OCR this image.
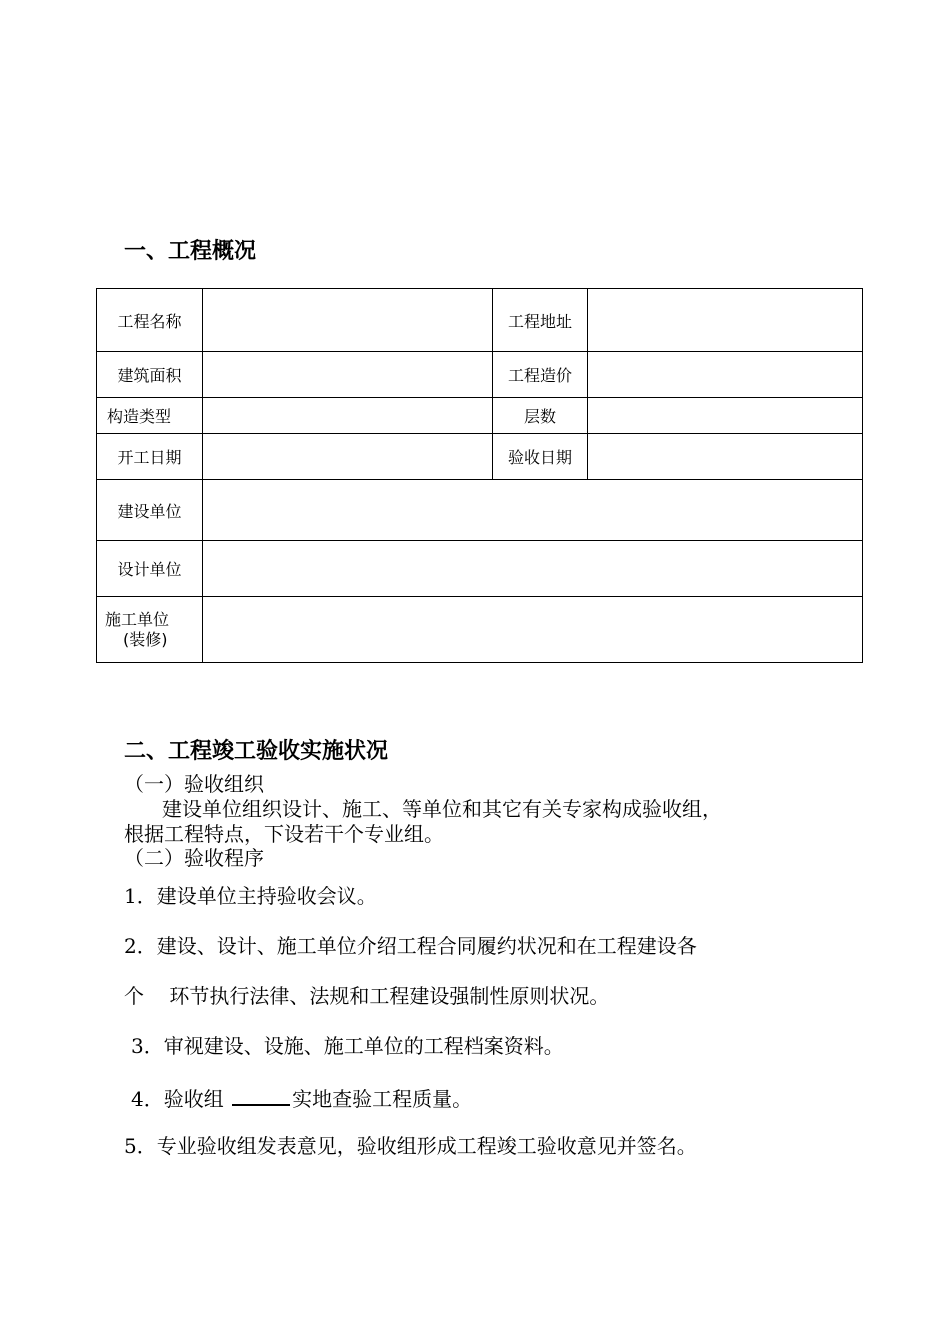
一、工程概况
工程名称		工程地址	
建筑面积		工程造价	
构造类型		层数	
开工日期		验收日期	
建设单位			
设计单位			

施工单位
(装修)			

二、工程竣工验收实施状况
（一）验收组织
建设单位组织设计、施工、等单位和其它有关专家构成验收组，
根据工程特点，下设若干个专业组。
（二）验收程序
1．建设单位主持验收会议。
2．建设、设计、施工单位介绍工程合同履约状况和在工程建设各
个    环节执行法律、法规和工程建设强制性原则状况。
3．审视建设、设施、施工单位的工程档案资料。
4．验收组	实地查验工程质量。
5．专业验收组发表意见，验收组形成工程竣工验收意见并签名。
